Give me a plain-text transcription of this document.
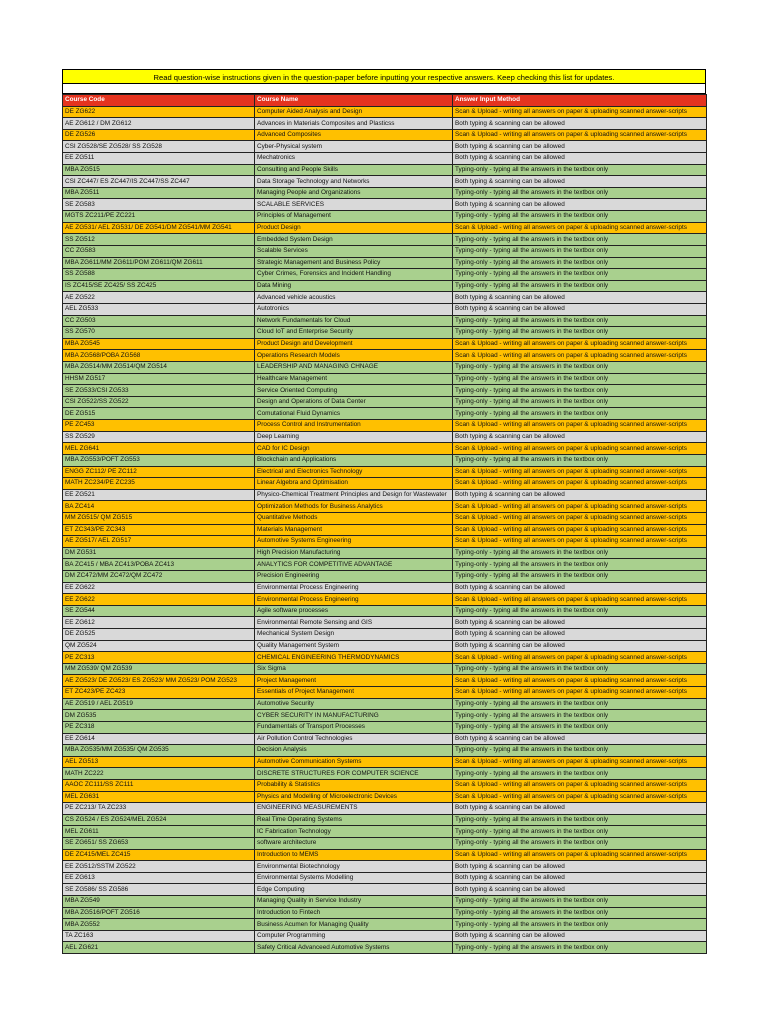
Read question-wise instructions given in the question-paper before inputting your respective answers. Keep checking this list for updates.
Course Code	Course Name	Answer Input Method
DE ZG622	Computer Aided Analysis and Design	Scan & Upload - writing all answers on paper & uploading scanned answer-scripts
AE ZG612 / DM ZG612	Advances in Materials Composites and Plasticss	Both typing & scanning can be allowed
DE ZG526	Advanced Composites	Scan & Upload - writing all answers on paper & uploading scanned answer-scripts
CSI ZG528/SE ZG528/ SS ZG528	Cyber-Physical system	Both typing & scanning can be allowed
EE ZG511	Mechatronics	Both typing & scanning can be allowed
MBA ZG515	Consulting and People Skills	Typing-only - typing all the answers in the textbox only
CSI ZC447/ ES ZC447/IS ZC447/SS ZC447	Data Storage Technology and Networks	Both typing & scanning can be allowed
MBA ZG511	Managing People and Organizations	Typing-only - typing all the answers in the textbox only
SE ZG583	SCALABLE SERVICES	Both typing & scanning can be allowed
MGTS ZC211/PE ZC221	Principles of Management	Typing-only - typing all the answers in the textbox only
AE ZG531/ AEL ZG531/ DE ZG541/DM ZG541/MM ZG541	Product Design	Scan & Upload - writing all answers on paper & uploading scanned answer-scripts
SS ZG512	Embedded System Design	Typing-only - typing all the answers in the textbox only
CC ZG583	Scalable Services	Typing-only - typing all the answers in the textbox only
MBA ZG611/MM ZG611/POM ZG611/QM ZG611	Strategic Management and Business Policy	Typing-only - typing all the answers in the textbox only
SS ZG588	Cyber Crimes, Forensics and Incident Handling	Typing-only - typing all the answers in the textbox only
IS ZC415/SE ZC425/ SS ZC425	Data Mining	Typing-only - typing all the answers in the textbox only
AE ZG522	Advanced vehicle acoustics	Both typing & scanning can be allowed
AEL ZG533	Autotronics	Both typing & scanning can be allowed
CC ZG503	Network Fundamentals for Cloud	Typing-only - typing all the answers in the textbox only
SS ZG570	Cloud IoT and Enterprise Security	Typing-only - typing all the answers in the textbox only
MBA ZG545	Product Design and Development	Scan & Upload - writing all answers on paper & uploading scanned answer-scripts
MBA ZG568/POBA ZG568	Operations Research Models	Scan & Upload - writing all answers on paper & uploading scanned answer-scripts
MBA ZG514/MM ZG514/QM ZG514	LEADERSHIP AND MANAGING CHNAGE	Typing-only - typing all the answers in the textbox only
HHSM ZG517	Healthcare Management	Typing-only - typing all the answers in the textbox only
SE ZG533/CSI ZG533	Service Oriented Computing	Typing-only - typing all the answers in the textbox only
CSI ZG522/SS ZG522	Design and Operations of Data Center	Typing-only - typing all the answers in the textbox only
DE ZG515	Comutational Fluid Dynamics	Typing-only - typing all the answers in the textbox only
PE ZC453	Process Control and Instrumentation	Scan & Upload - writing all answers on paper & uploading scanned answer-scripts
SS ZG529	Deep Learning	Both typing & scanning can be allowed
MEL ZG641	CAD for IC Design	Scan & Upload - writing all answers on paper & uploading scanned answer-scripts
MBA ZG553/POFT ZG553	Blockchain and Applications	Typing-only - typing all the answers in the textbox only
ENGG ZC112/ PE ZC112	Electrical and Electronics Technology	Scan & Upload - writing all answers on paper & uploading scanned answer-scripts
MATH ZC234/PE ZC235	Linear Algebra and Optimisation	Scan & Upload - writing all answers on paper & uploading scanned answer-scripts
EE ZG521	Physico-Chemical Treatment Principles and Design for Wastewater	Both typing & scanning can be allowed
BA ZC414	Optimization Methods for Business Analytics	Scan & Upload - writing all answers on paper & uploading scanned answer-scripts
MM ZG515/ QM ZG515	Quantitative Methods	Scan & Upload - writing all answers on paper & uploading scanned answer-scripts
ET ZC343/PE ZC343	Materials Management	Scan & Upload - writing all answers on paper & uploading scanned answer-scripts
AE ZG517/ AEL ZG517	Automotive Systems Engineering	Scan & Upload - writing all answers on paper & uploading scanned answer-scripts
DM ZG531	High Precision Manufacturing	Typing-only - typing all the answers in the textbox only
BA ZC415 / MBA ZC413/POBA ZC413	ANALYTICS FOR COMPETITIVE ADVANTAGE	Typing-only - typing all the answers in the textbox only
DM ZC472/MM ZC472/QM ZC472	Precision Engineering	Typing-only - typing all the answers in the textbox only
EE ZG622	Environmental Process Engineering	Both typing & scanning can be allowed
EE ZG622	Environmental Process Engineering	Scan & Upload - writing all answers on paper & uploading scanned answer-scripts
SE ZG544	Agile software processes	Typing-only - typing all the answers in the textbox only
EE ZG612	Environmental Remote Sensing and GIS	Both typing & scanning can be allowed
DE ZG525	Mechanical System Design	Both typing & scanning can be allowed
QM ZG524	Quality Management System	Both typing & scanning can be allowed
PE ZC313	CHEMICAL ENGINEERING THERMODYNAMICS	Scan & Upload - writing all answers on paper & uploading scanned answer-scripts
MM ZG539/ QM ZG539	Six Sigma	Typing-only - typing all the answers in the textbox only
AE ZG523/ DE ZG523/ ES ZG523/ MM ZG523/ POM ZG523	Project Management	Scan & Upload - writing all answers on paper & uploading scanned answer-scripts
ET ZC423/PE ZC423	Essentials of Project Management	Scan & Upload - writing all answers on paper & uploading scanned answer-scripts
AE ZG519 / AEL ZG519	Automotive Security	Typing-only - typing all the answers in the textbox only
DM ZG535	CYBER SECURITY IN MANUFACTURING	Typing-only - typing all the answers in the textbox only
PE ZC318	Fundamentals of Transport Processes	Typing-only - typing all the answers in the textbox only
EE ZG614	Air Pollution Control Technologies	Both typing & scanning can be allowed
MBA ZG535/MM ZG535/ QM ZG535	Decision Analysis	Typing-only - typing all the answers in the textbox only
AEL ZG513	Automotive Communication Systems	Scan & Upload - writing all answers on paper & uploading scanned answer-scripts
MATH ZC222	DISCRETE STRUCTURES FOR COMPUTER SCIENCE	Typing-only - typing all the answers in the textbox only
AAOC ZC111/SS ZC111	Probability & Statistics	Scan & Upload - writing all answers on paper & uploading scanned answer-scripts
MEL ZG631	Physics and Modelling of Microelectronic Devices	Scan & Upload - writing all answers on paper & uploading scanned answer-scripts
PE ZC213/ TA ZC233	ENGINEERING MEASUREMENTS	Both typing & scanning can be allowed
CS ZG524 / ES ZG524/MEL ZG524	Real Time Operating Systems	Typing-only - typing all the answers in the textbox only
MEL ZG611	IC Fabrication Technology	Typing-only - typing all the answers in the textbox only
SE ZG651/ SS ZG653	software architecture	Typing-only - typing all the answers in the textbox only
DE ZC415/MEL ZC415	Introduction to MEMS	Scan & Upload - writing all answers on paper & uploading scanned answer-scripts
EE ZG512/SSTM ZG522	Environmental Biotechnology	Both typing & scanning can be allowed
EE ZG613	Environmental Systems Modelling	Both typing & scanning can be allowed
SE ZG586/ SS ZG586	Edge Computing	Both typing & scanning can be allowed
MBA ZG549	Managing Quality in Service Industry	Typing-only - typing all the answers in the textbox only
MBA ZG516/POFT ZG516	Introduction to Fintech	Typing-only - typing all the answers in the textbox only
MBA ZG552	Business Acumen for Managing Quality	Typing-only - typing all the answers in the textbox only
TA ZC163	Computer Programming	Both typing & scanning can be allowed
AEL ZG621	Safety Critical Advanceed Automotive Systems	Typing-only - typing all the answers in the textbox only
